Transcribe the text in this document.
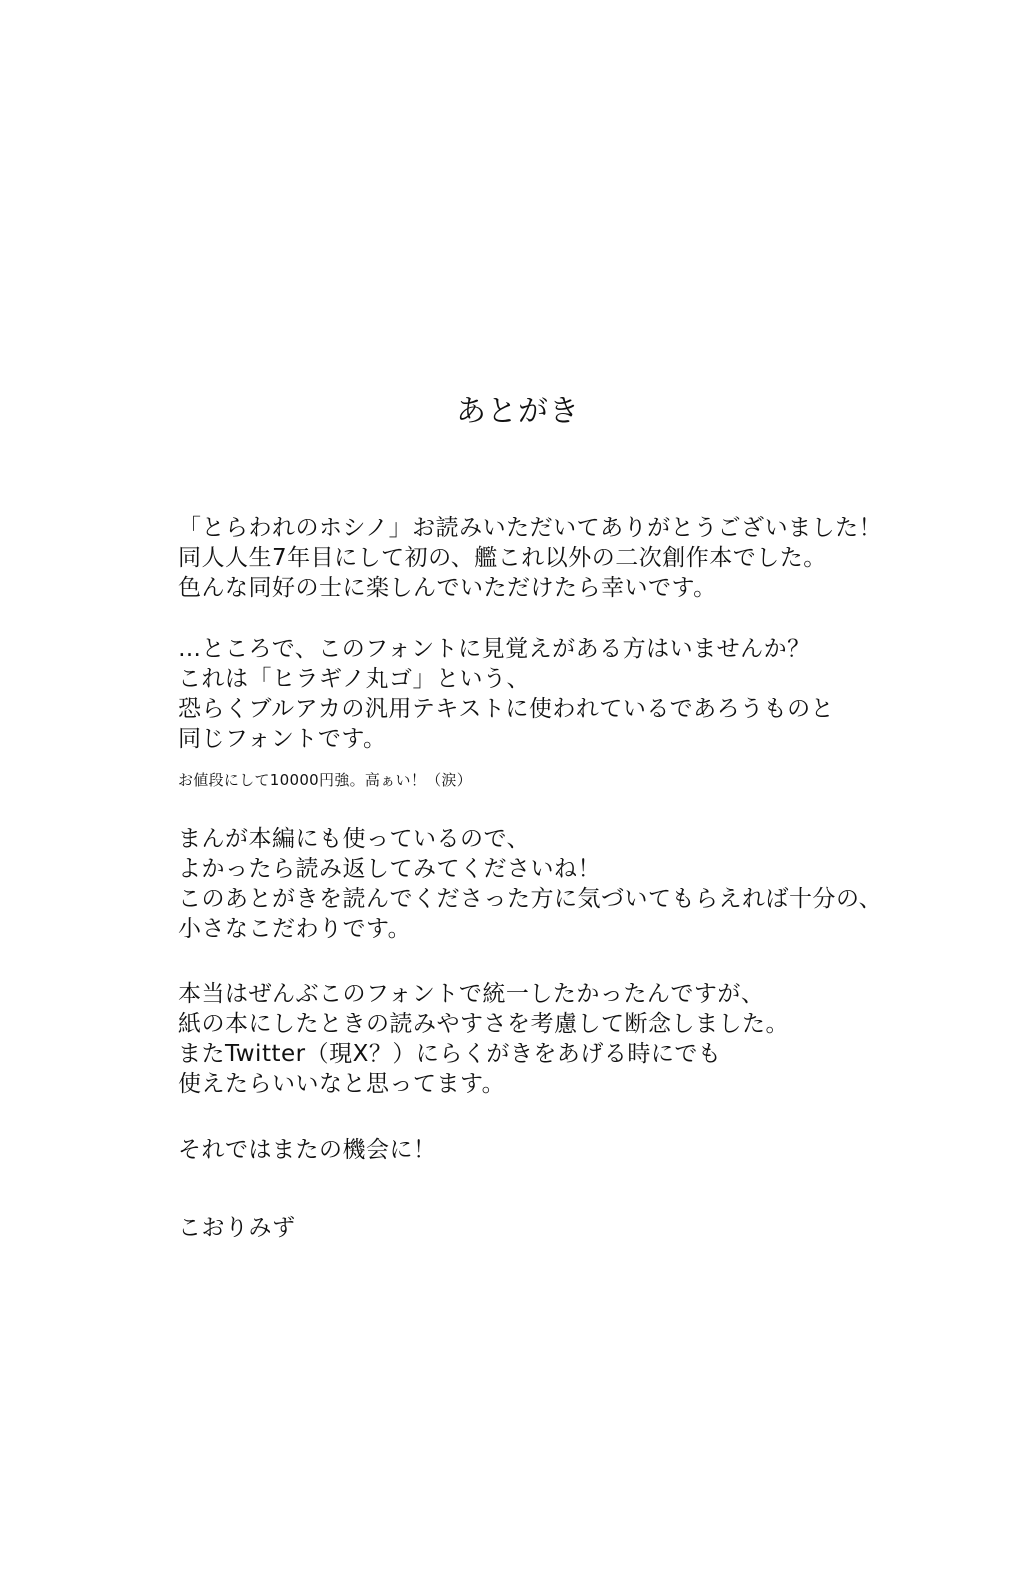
あとがき
「とらわれのホシノ」お読みいただいてありがとうございました！
同人人生7年目にして初の、艦これ以外の二次創作本でした。
色んな同好の士に楽しんでいただけたら幸いです。
…ところで、このフォントに見覚えがある方はいませんか？
これは「ヒラギノ丸ゴ」という、
恐らくブルアカの汎用テキストに使われているであろうものと
同じフォントです。
お値段にして10000円強。高ぁい！（涙）
まんが本編にも使っているので、
よかったら読み返してみてくださいね！
このあとがきを読んでくださった方に気づいてもらえれば十分の、
小さなこだわりです。
本当はぜんぶこのフォントで統一したかったんですが、
紙の本にしたときの読みやすさを考慮して断念しました。
またTwitter（現X？）にらくがきをあげる時にでも
使えたらいいなと思ってます。
それではまたの機会に！
こおりみず
